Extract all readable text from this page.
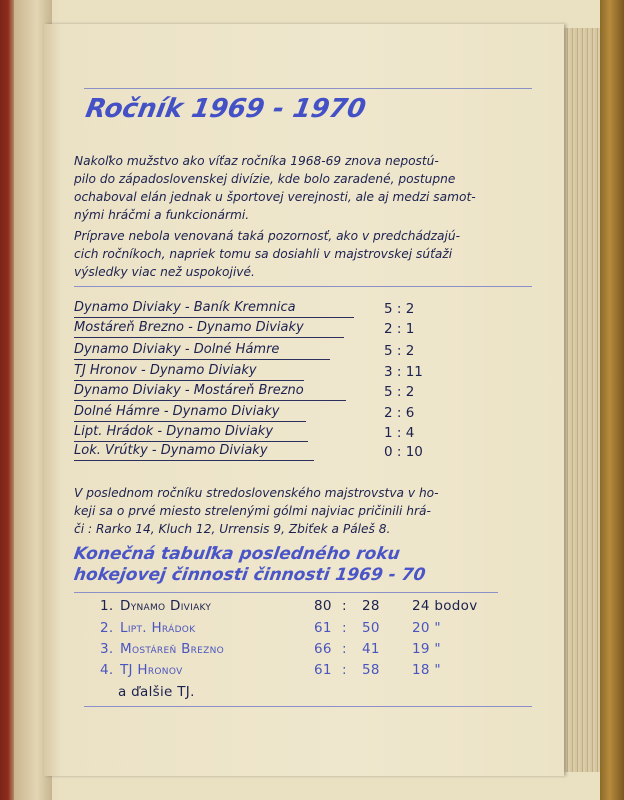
Ročník 1969 - 1970
Nakoľko mužstvo ako víťaz ročníka 1968-69 znova nepostú-
pilo do západoslovenskej divízie, kde bolo zaradené, postupne
ochaboval elán jednak u športovej verejnosti, ale aj medzi samot-
nými hráčmi a funkcionármi.
Príprave nebola venovaná taká pozornosť, ako v predchádzajú-
cich ročníkoch, napriek tomu sa dosiahli v majstrovskej súťaži
výsledky viac než uspokojivé.
Dynamo Diviaky - Baník Kremnica	5 : 2
Mostáreň Brezno - Dynamo Diviaky	2 : 1
Dynamo Diviaky - Dolné Hámre	5 : 2
TJ Hronov - Dynamo Diviaky	3 : 11
Dynamo Diviaky - Mostáreň Brezno	5 : 2
Dolné Hámre - Dynamo Diviaky	2 : 6
Lipt. Hrádok - Dynamo Diviaky	1 : 4
Lok. Vrútky - Dynamo Diviaky	0 : 10
V poslednom ročníku stredoslovenského majstrovstva v ho-
keji sa o prvé miesto strelenými gólmi najviac pričinili hrá-
či : Rarko 14, Kluch 12, Urrensis 9, Zbiťek a Páleš 8.
Konečná tabuľka posledného roku
hokejovej činnosti činnosti 1969 - 70
1. Dynamo Diviaky	80 : 28 24 bodov
2. Lipt. Hrádok	61 : 50 20 "
3. Mostáreň Brezno	66 : 41 19 "
4. TJ Hronov	61 : 58 18 "
a ďalšie TJ.
